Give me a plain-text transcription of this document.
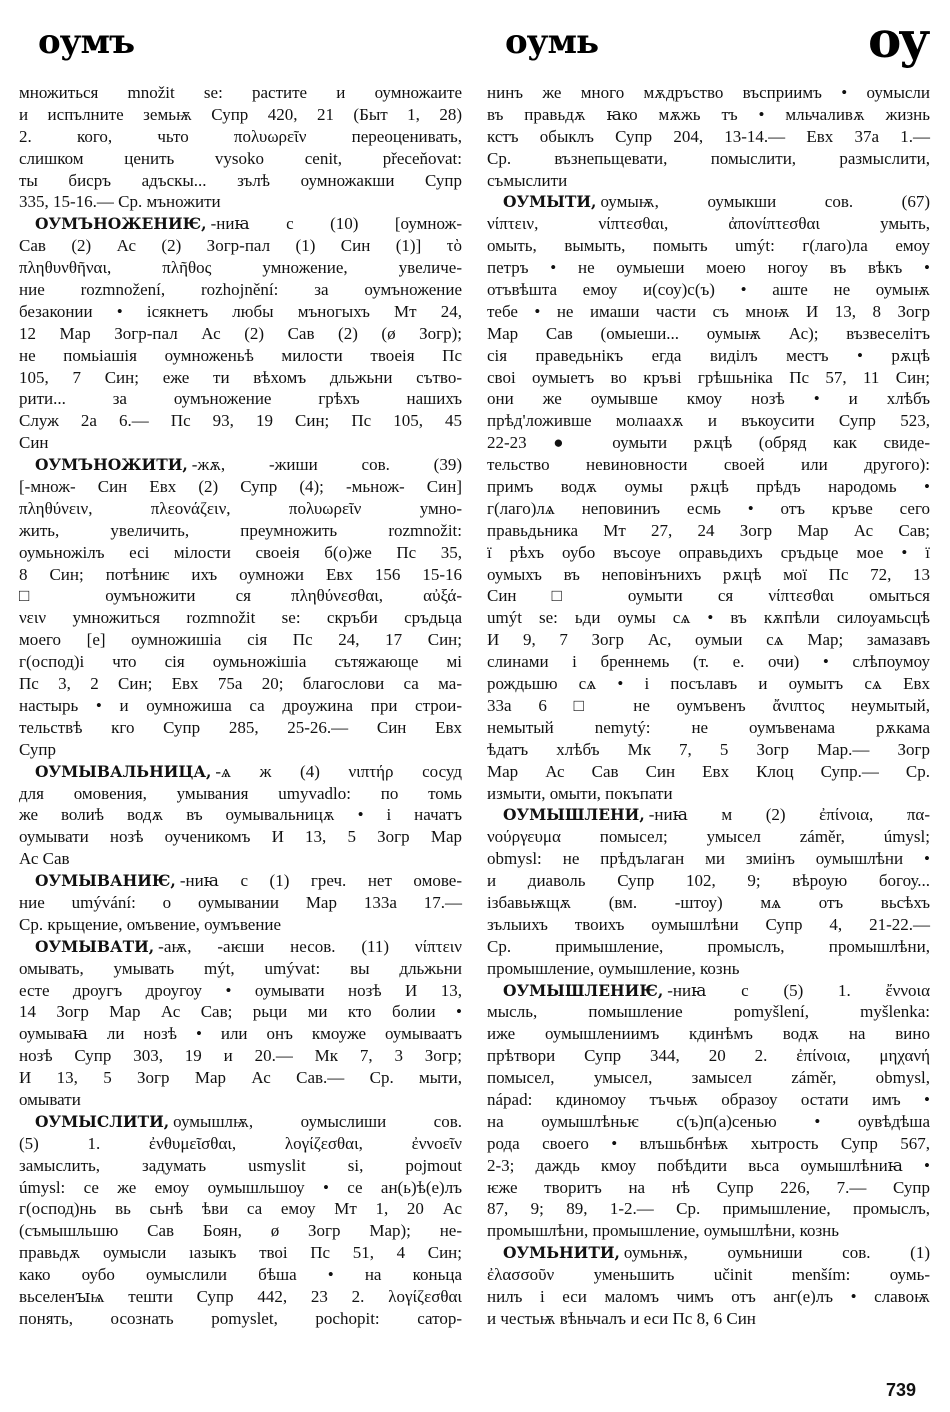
оумъ	оумь	оу
множиться množit se: растите и оумножаите
и испълните земьѭ Супр 420, 21 (Быт 1, 28)
2. кого, чьто πολυωρεῖν переоценивать,
слишком ценить vysoko cenit, přeceňovat:
ты бисръ адъскы... зълѣ оумножакши Супр
335, 15-16.— Ср. мъножити
ОУМЪНОЖЕНИѤ, -ниꙗ с (10) [оумнож-
Сав (2) Ас (2) Зогр-пал (1) Син (1)] τὸ
πληθυνθῆναι, πλῆθος умножение, увеличе-
ние rozmnožení, rozhojnění: за оумъножение
безаконии • ісякнетъ любы мъногыхъ Мт 24,
12 Мар Зогр-пал Ас (2) Сав (2) (ø Зогр);
не помьіашія оумноженьѣ милости твоеія Пс
105, 7 Син; еже ти вѣхомъ дльжьни сътво-
рити... за оумъножение грѣхъ нашихъ
Служ 2а 6.— Пс 93, 19 Син; Пс 105, 45
Син
ОУМЪНОЖИТИ, -жѫ, -жиши сов. (39)
[-множ- Син Евх (2) Супр (4); -мьнож- Син]
πληθύνειν, πλεονάζειν, πολυωρεῖν умно-
жить, увеличить, преумножить rozmnožit:
оумьножілъ есі мілости своеія б(о)же Пс 35,
8 Син; потѣниѥ ихъ оумножи Евх 156 15-16
□ оумъножити ся πληθύνεσθαι, αὐξά-
νειν умножиться rozmnožit se: скръби сръдьца
моего [е] оумножишіа сія Пс 24, 17 Син;
г(оспод)і что сія оумьножішіа сътяжающе мі
Пс 3, 2 Син; Евх 75а 20; благослови са ма-
настырь • и оумножиша са дроужина при строи-
тельствѣ кго Супр 285, 25-26.— Син Евх
Супр
ОУМЫВАЛЬНИЦА, -ѧ ж (4) νιπτήρ сосуд
для омовения, умывания umyvadlo: по томь
же волиѣ водѫ въ оумывальницѫ • і начатъ
оумывати нозѣ оученикомъ И 13, 5 Зогр Мар
Ас Сав
ОУМЫВАНИѤ, -ниꙗ с (1) греч. нет омове-
ние umývání: о оумывании Мар 133а 17.—
Ср. крьщение, омъвение, оумъвение
ОУМЫВАТИ, -аѭ, -аѥши несов. (11) νίπτειν
омывать, умывать mýt, umývat: вы дльжьни
есте дроугъ дроугоу • оумывати нозѣ И 13,
14 Зогр Мар Ас Сав; рьци ми кто болии •
оумываꙗ ли нозѣ • или онъ кмоуже оумываатъ
нозѣ Супр 303, 19 и 20.— Мк 7, 3 Зогр;
И 13, 5 Зогр Мар Ас Сав.— Ср. мыти,
омывати
ОУМЫСЛИТИ, оумышлѭ, оумыслиши сов.
(5) 1. ἐνθυμεῖσθαι, λογίζεσθαι, ἐννοεῖν
замыслить, задумать usmyslit si, pojmout
úmysl: се же емоу оумышльшоу • се ан(ь)ѣ(е)лъ
г(оспод)нь вь сьнѣ ѣви са емоу Мт 1, 20 Ас
(съмышльшю Сав Боян, ø Зогр Мар); не-
правьдѫ оумысли ıазыкъ твоі Пс 51, 4 Син;
како оубо оумыслили бѣша • на коньца
вьселенꙑѩ тешти Супр 442, 23 2. λογίζεσθαι
понять, осознать pomyslet, pochopit: сатор-
нинъ же много мѫдръство въсприимъ • оумысли
въ правьдѫ ꙗко мѫжь тъ • мльчаливѫ жизнь
кстъ обыклъ Супр 204, 13-14.— Евх 37а 1.—
Ср. възнепьщевати, помыслити, размыслити,
съмыслити
ОУМЫТИ, оумыѭ, оумыкши сов. (67)
νίπτειν, νίπτεσθαι, ἀπονίπτεσθαι умыть,
омыть, вымыть, помыть umýt: г(лаго)ла емоу
петръ • не оумыеши моею ногоу въ вѣкъ •
отъвѣшта емоу и(соу)с(ъ) • аште не оумыѭ
тебе • не имаши части съ мноѭ И 13, 8 Зогр
Мар Сав (омыеши... оумыѭ Ас); възвеселітъ
сія праведьнікъ егда виділъ местъ • рѫцѣ
своі оумыетъ во кръві грѣшьніка Пс 57, 11 Син;
они же оумывше кмоу нозѣ • и хлѣбъ
прѣд'ложивше молıаахѫ и въкоусити Супр 523,
22-23 ● оумыти рѫцѣ (обряд как свиде-
тельство невиновности своей или другого):
примъ водѫ оумы рѫцѣ прѣдъ народомь •
г(лаго)лѧ неповиниъ есмь • отъ кръве сего
правьдьника Мт 27, 24 Зогр Мар Ас Сав;
ї рѣхъ оубо въсоуе оправьдихъ сръдьце мое • ї
оумыхъ въ неповінънихъ рѫцѣ мої Пс 72, 13
Син □ оумыти ся νίπτεσθαι омыться
umýt se: ьди оумы сѧ • въ кѫпѣли силоуамьсцѣ
И 9, 7 Зогр Ас, оумыи сѧ Мар; замазавъ
слинами і бреннемь (т. е. очи) • слѣпоумоу
рождьшю сѧ • і посълавъ и оумытъ сѧ Евх
33а 6 □ не оумъвенъ ἄνιπτος неумытый,
немытый nemytý: не оумъвенама рѫкама
ѣдатъ хлѣбъ Мк 7, 5 Зогр Мар.— Зогр
Мар Ас Сав Син Евх Клоц Супр.— Ср.
измыти, омыти, покъпати
ОУМЫШЛЕНИ, -ниꙗ м (2) ἐπίνοια, πα-
νούργευμα помысел; умысел záměr, úmysl;
obmysl: не прѣдълаган ми змиінъ оумышлѣни •
и диаволь Супр 102, 9; вѣроую богоу...
ізбавьѭщѫ (вм. -штоу) мѧ отъ вьсѣхъ
зълыихъ твоихъ оумышлѣни Супр 4, 21-22.—
Ср. примышление, промыслъ, промышлѣни,
промышление, оумышление, кознь
ОУМЫШЛЕНИѤ, -ниꙗ с (5) 1. ἔννοια
мысль, помышление pomyšlení, myšlenka:
иже оумышлениимъ кдинѣмъ водѫ на вино
прѣтвори Супр 344, 20 2. ἐπίνοια, μηχανή
помысел, умысел, замысел záměr, obmysl,
nápad: кдиномоу тъчьѭ образоу остати имъ •
на оумышлѣньѥ с(ъ)п(а)сенью • оувѣдѣша
рода своего • влъшьбнѣѭ хытрость Супр 567,
2-3; даждь кмоу побѣдити вьса оумышлѣниꙗ •
ѥже творитъ на нѣ Супр 226, 7.— Супр
87, 9; 89, 1-2.— Ср. примышление, промыслъ,
промышлѣни, промышление, оумышлѣни, кознь
ОУМЬНИТИ, оумьнѭ, оумьниши сов. (1)
ἐλασσοῦν уменьшить učinit menším: оумь-
нилъ і еси маломъ чимъ отъ анг(е)лъ • славоѭ
и честьѭ вѣньчалъ и еси Пс 8, 6 Син
739
